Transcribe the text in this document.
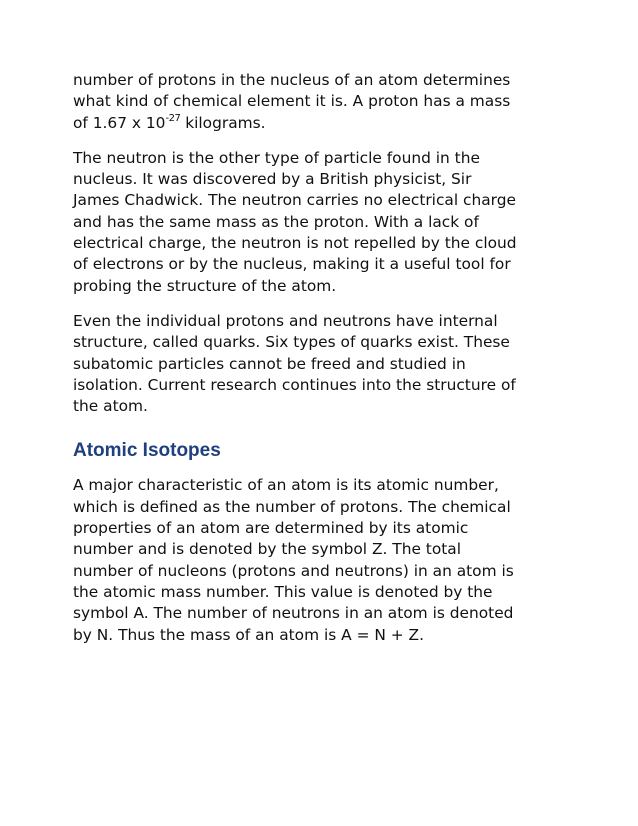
number of protons in the nucleus of an atom determines
what kind of chemical element it is. A proton has a mass
of 1.67 x $10^{-27}$ kilograms.

The neutron is the other type of particle found in the
nucleus. It was discovered by a British physicist, Sir
James Chadwick. The neutron carries no electrical charge
and has the same mass as the proton. With a lack of
electrical charge, the neutron is not repelled by the cloud
of electrons or by the nucleus, making it a useful tool for
probing the structure of the atom.

Even the individual protons and neutrons have internal
structure, called quarks. Six types of quarks exist. These
subatomic particles cannot be freed and studied in
isolation. Current research continues into the structure of
the atom.

Atomic Isotopes

A major characteristic of an atom is its atomic number,
which is defined as the number of protons. The chemical
properties of an atom are determined by its atomic
number and is denoted by the symbol Z. The total
number of nucleons (protons and neutrons) in an atom is
the atomic mass number. This value is denoted by the
symbol A. The number of neutrons in an atom is denoted
by N. Thus the mass of an atom is A = N + Z.
